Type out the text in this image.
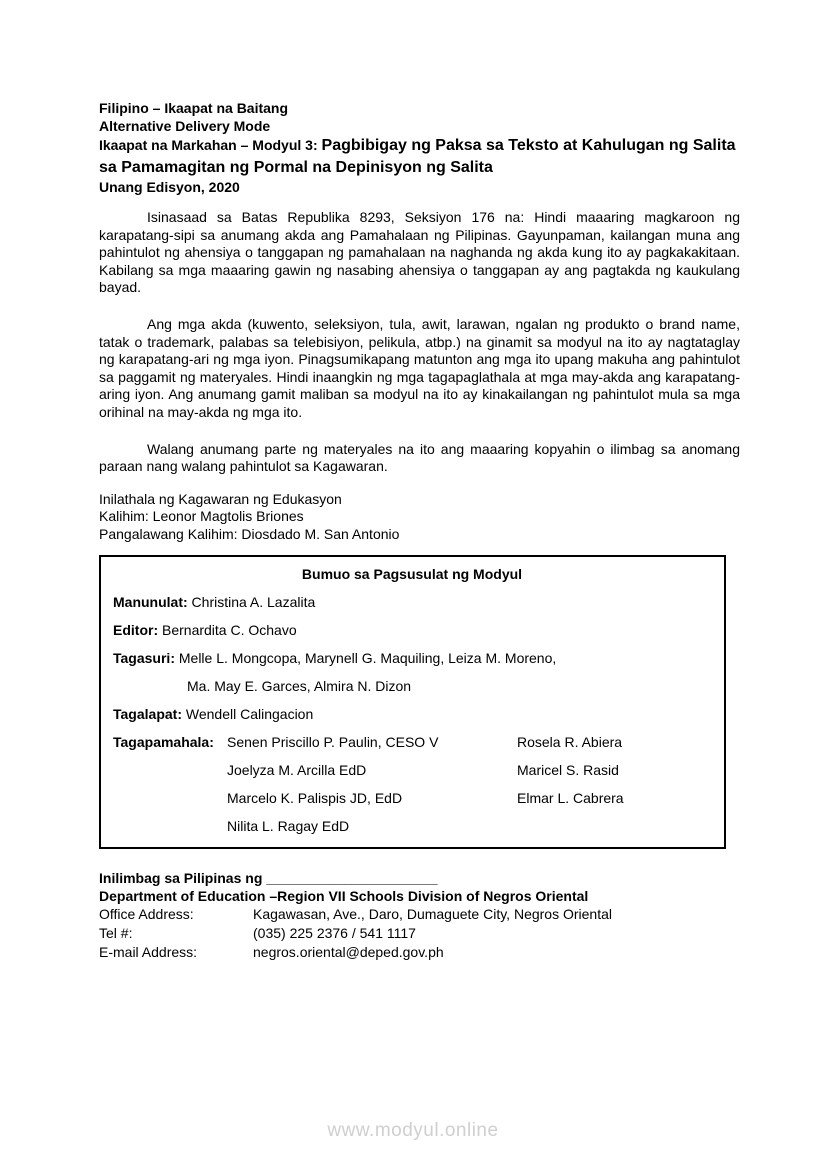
Filipino – Ikaapat na Baitang
Alternative Delivery Mode
Ikaapat na Markahan – Modyul 3: Pagbibigay ng Paksa sa Teksto at Kahulugan ng Salita sa Pamamagitan ng Pormal na Depinisyon ng Salita
Unang Edisyon, 2020

Isinasaad sa Batas Republika 8293, Seksiyon 176 na: Hindi maaaring magkaroon ng karapatang-sipi sa anumang akda ang Pamahalaan ng Pilipinas. Gayunpaman, kailangan muna ang pahintulot ng ahensiya o tanggapan ng pamahalaan na naghanda ng akda kung ito ay pagkakakitaan. Kabilang sa mga maaaring gawin ng nasabing ahensiya o tanggapan ay ang pagtakda ng kaukulang bayad.

Ang mga akda (kuwento, seleksiyon, tula, awit, larawan, ngalan ng produkto o brand name, tatak o trademark, palabas sa telebisiyon, pelikula, atbp.) na ginamit sa modyul na ito ay nagtataglay ng karapatang-ari ng mga iyon. Pinagsumikapang matunton ang mga ito upang makuha ang pahintulot sa paggamit ng materyales. Hindi inaangkin ng mga tagapaglathala at mga may-akda ang karapatang-aring iyon. Ang anumang gamit maliban sa modyul na ito ay kinakailangan ng pahintulot mula sa mga orihinal na may-akda ng mga ito.

Walang anumang parte ng materyales na ito ang maaaring kopyahin o ilimbag sa anomang paraan nang walang pahintulot sa Kagawaran.

Inilathala ng Kagawaran ng Edukasyon
Kalihim: Leonor Magtolis Briones
Pangalawang Kalihim: Diosdado M. San Antonio
Bumuo sa Pagsusulat ng Modyul
Manunulat: Christina A. Lazalita
Editor: Bernardita C. Ochavo
Tagasuri: Melle L. Mongcopa, Marynell G. Maquiling, Leiza M. Moreno,
Ma. May E. Garces, Almira N. Dizon
Tagalapat: Wendell Calingacion
Tagapamahala: Senen Priscillo P. Paulin, CESO V	Rosela R. Abiera
Joelyza M. Arcilla EdD	Maricel S. Rasid
Marcelo K. Palispis JD, EdD	Elmar L. Cabrera
Nilita L. Ragay EdD
Inilimbag sa Pilipinas ng ______________________
Department of Education –Region VII Schools Division of Negros Oriental
Office Address:	Kagawasan, Ave., Daro, Dumaguete City, Negros Oriental
Tel #:	(035) 225 2376 / 541 1117
E-mail Address:	negros.oriental@deped.gov.ph
www.modyul.online
